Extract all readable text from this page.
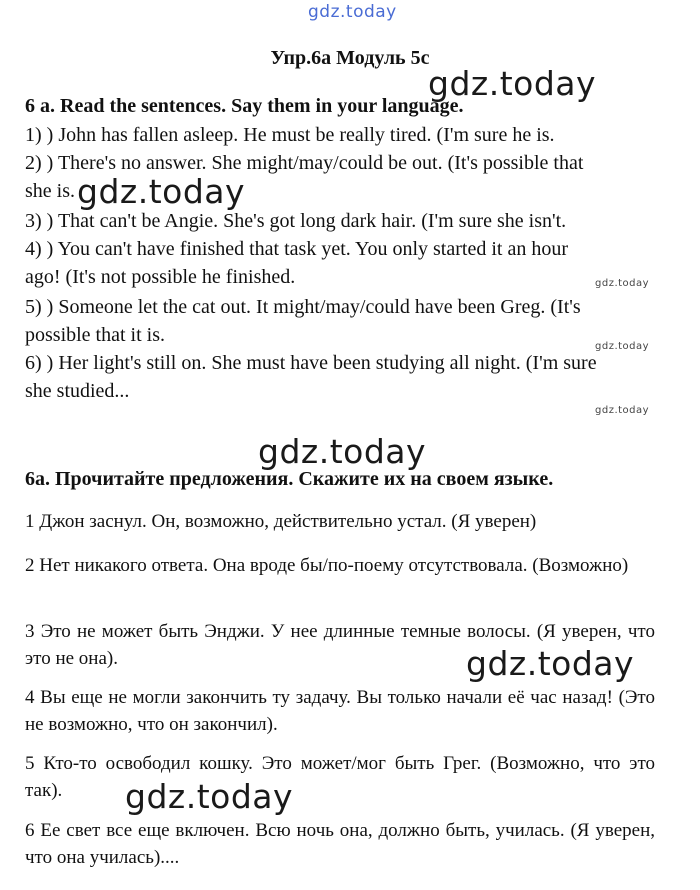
gdz.today
Упр.6a Модуль 5c
gdz.today
6 a. Read the sentences. Say them in your language.
1) ) John has fallen asleep. He must be really tired. (I'm sure he is.
2) ) There's no answer. She might/may/could be out. (It's possible that
she is. gdz.today
3) ) That can't be Angie. She's got long dark hair. (I'm sure she isn't.
4) ) You can't have finished that task yet. You only started it an hour
ago! (It's not possible he finished.	gdz.today
5) ) Someone let the cat out. It might/may/could have been Greg. (It's
possible that it is.
gdz.today
6) ) Her light's still on. She must have been studying all night. (I'm sure
she studied...
gdz.today
gdz.today
6a. Прочитайте предложения. Скажите их на своем языке.
1 Джон заснул. Он, возможно, действительно устал. (Я уверен)
2 Нет никакого ответа. Она вроде бы/по-поему отсутствовала. (Возможно)
3 Это не может быть Энджи. У нее длинные темные волосы. (Я уверен, что это не она).	gdz.today
4 Вы еще не могли закончить ту задачу. Вы только начали её час назад! (Это не возможно, что он закончил).
5 Кто-то освободил кошку. Это может/мог быть Грег. (Возможно, что это так).	gdz.today
6 Ее свет все еще включен. Всю ночь она, должно быть, училась. (Я уверен, что она училась)....
